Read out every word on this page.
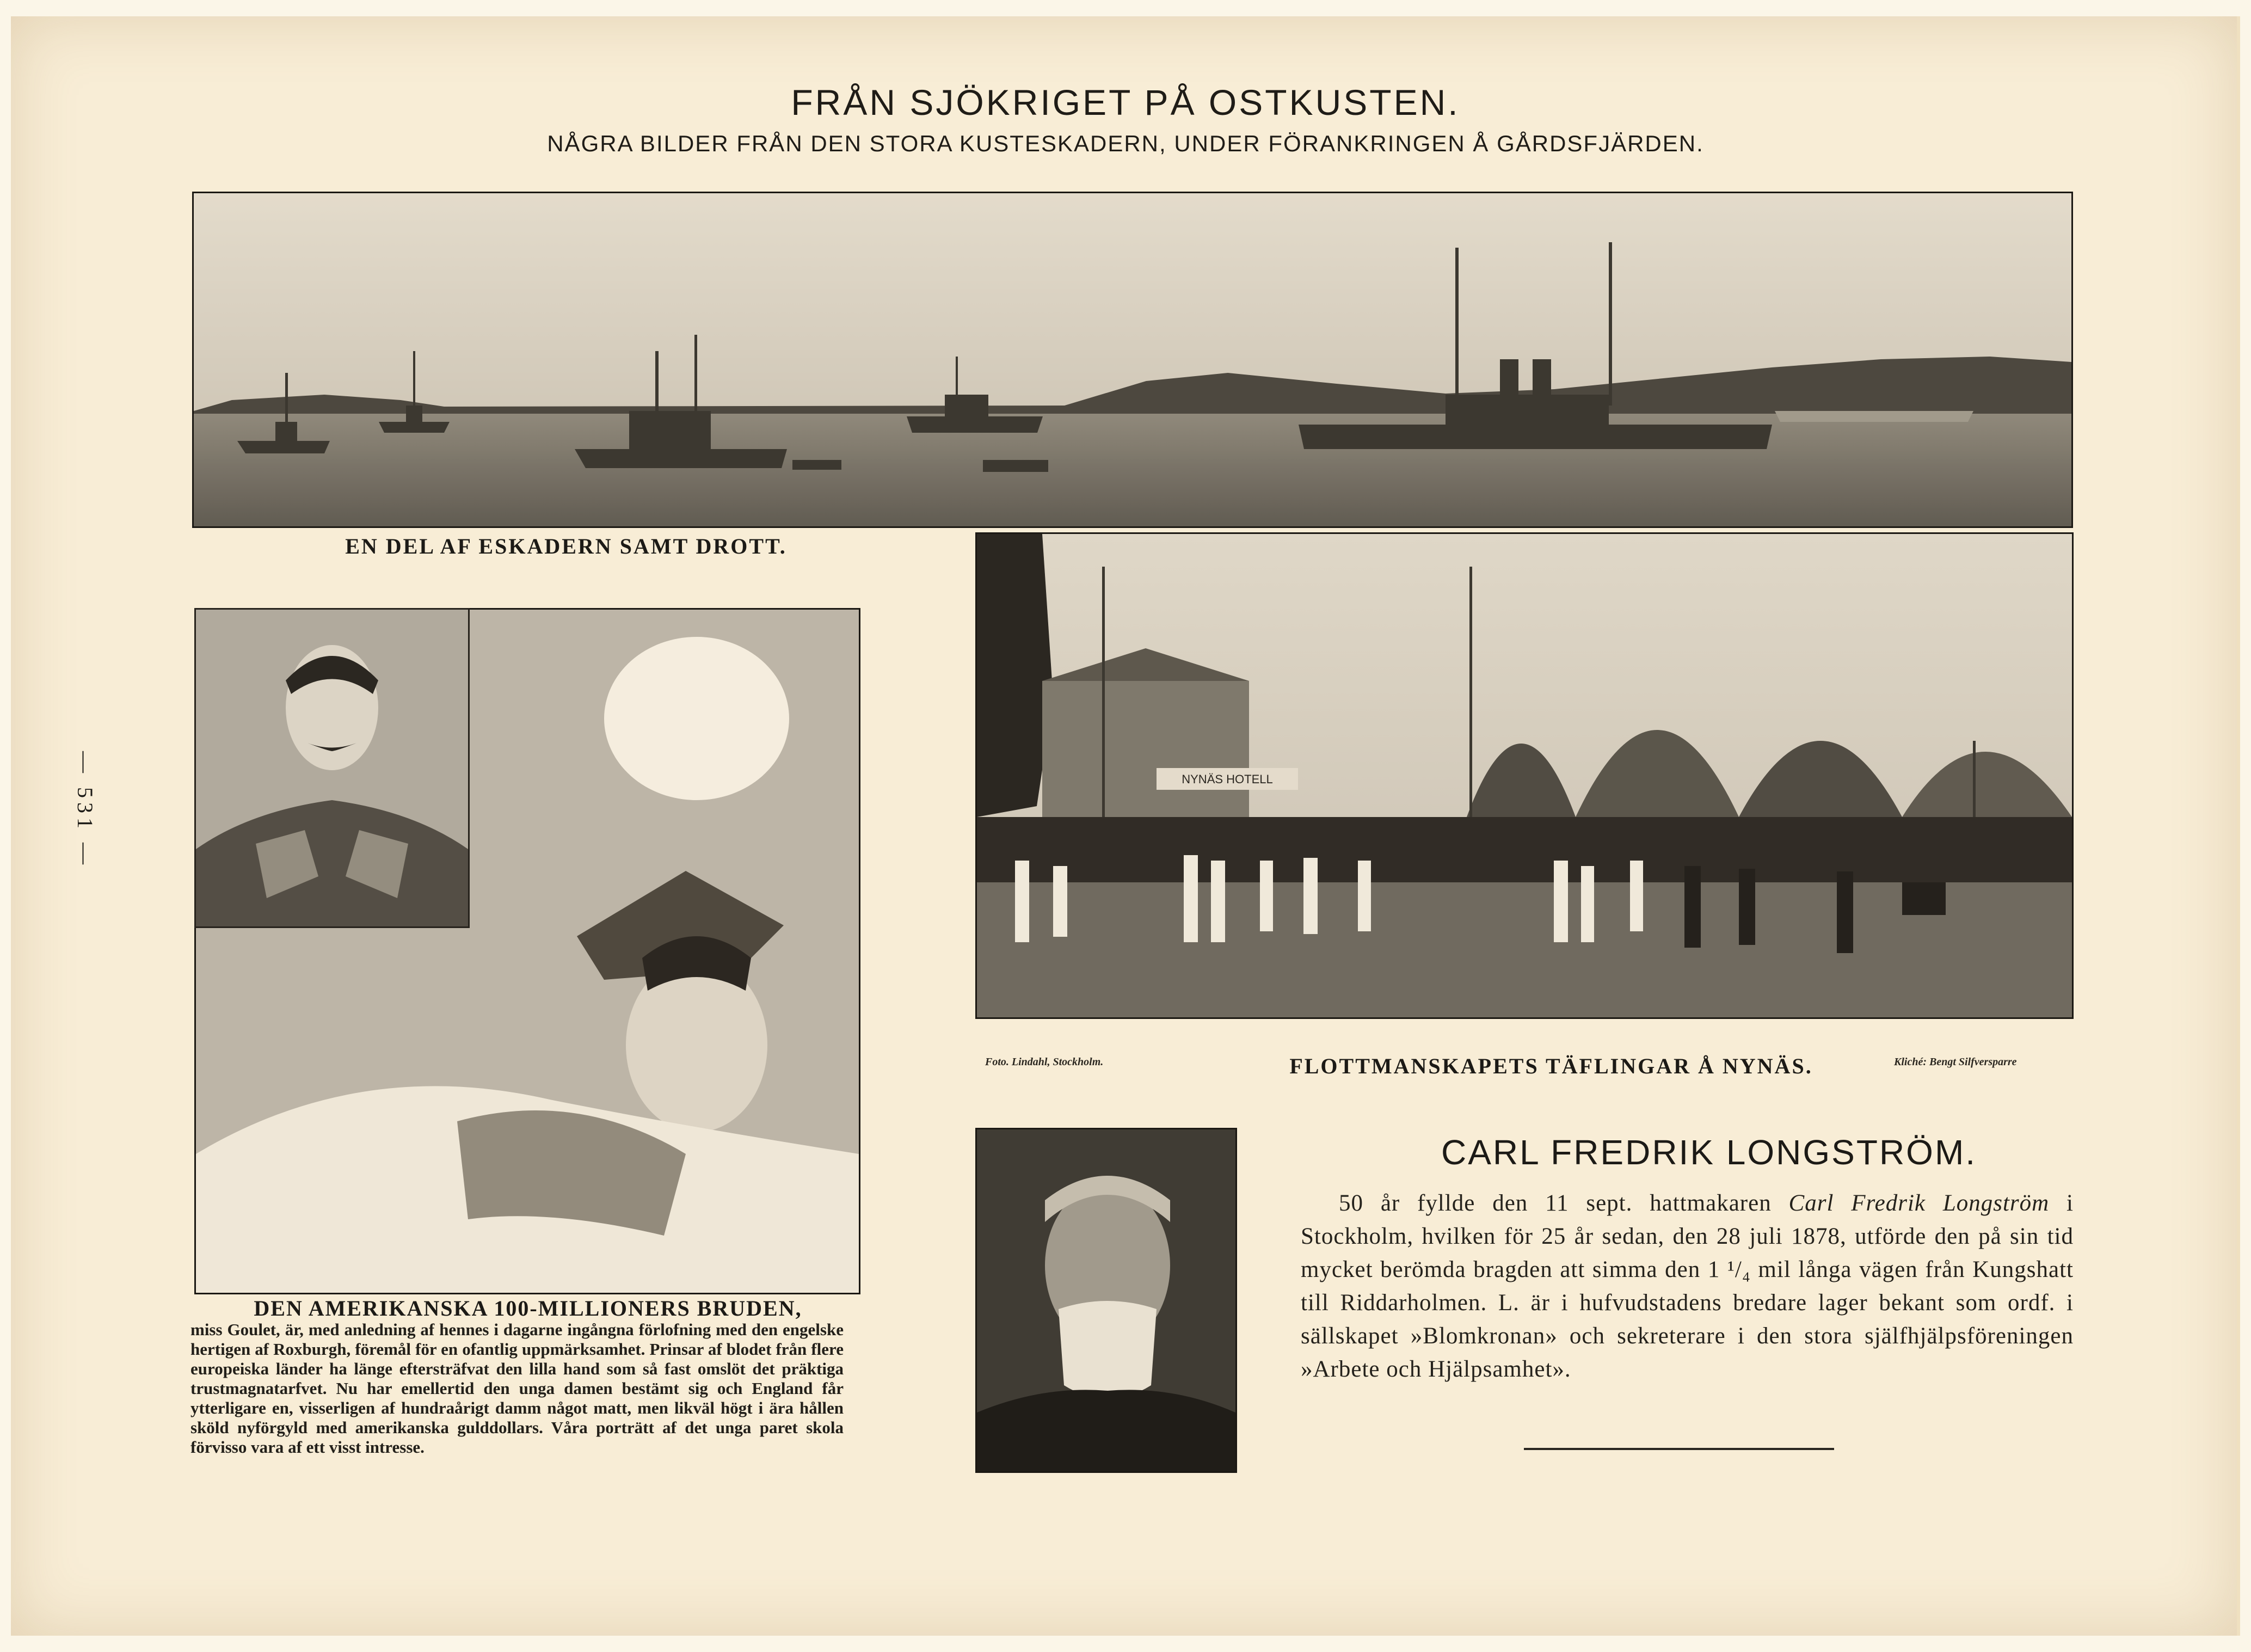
FRÅN SJÖKRIGET PÅ OSTKUSTEN.
NÅGRA BILDER FRÅN DEN STORA KUSTESKADERN, UNDER FÖRANKRINGEN Å GÅRDSFJÄRDEN.
— 531 —
EN DEL AF ESKADERN SAMT DROTT.
DEN AMERIKANSKA 100-MILLIONERS BRUDEN,
miss Goulet, är, med anledning af hennes i dagarne ingångna förlofning med den engelske hertigen af Roxburgh, föremål för en ofantlig uppmärksamhet. Prinsar af blodet från flere europeiska länder ha länge eftersträfvat den lilla hand som så fast omslöt det präktiga trustmagnatarfvet. Nu har emellertid den unga damen bestämt sig och England får ytterligare en, visserligen af hundraårigt damm något matt, men likväl högt i ära hållen sköld nyförgyld med amerikanska gulddollars. Våra porträtt af det unga paret skola förvisso vara af ett visst intresse.
NYNÄS HOTELL
Foto. Lindahl, Stockholm.	FLOTTMANSKAPETS TÄFLINGAR Å NYNÄS.	Kliché: Bengt Silfversparre
CARL FREDRIK LONGSTRÖM.

50 år fyllde den 11 sept. hattmakaren Carl Fredrik Longström i Stockholm, hvilken för 25 år sedan, den 28 juli 1878, utförde den på sin tid mycket berömda bragden att simma den 1 ¹/₄ mil långa vägen från Kungshatt till Riddarholmen. L. är i hufvudstadens bredare lager bekant som ordf. i sällskapet »Blomkronan» och sekreterare i den stora själfhjälpsföreningen »Arbete och Hjälpsamhet».
